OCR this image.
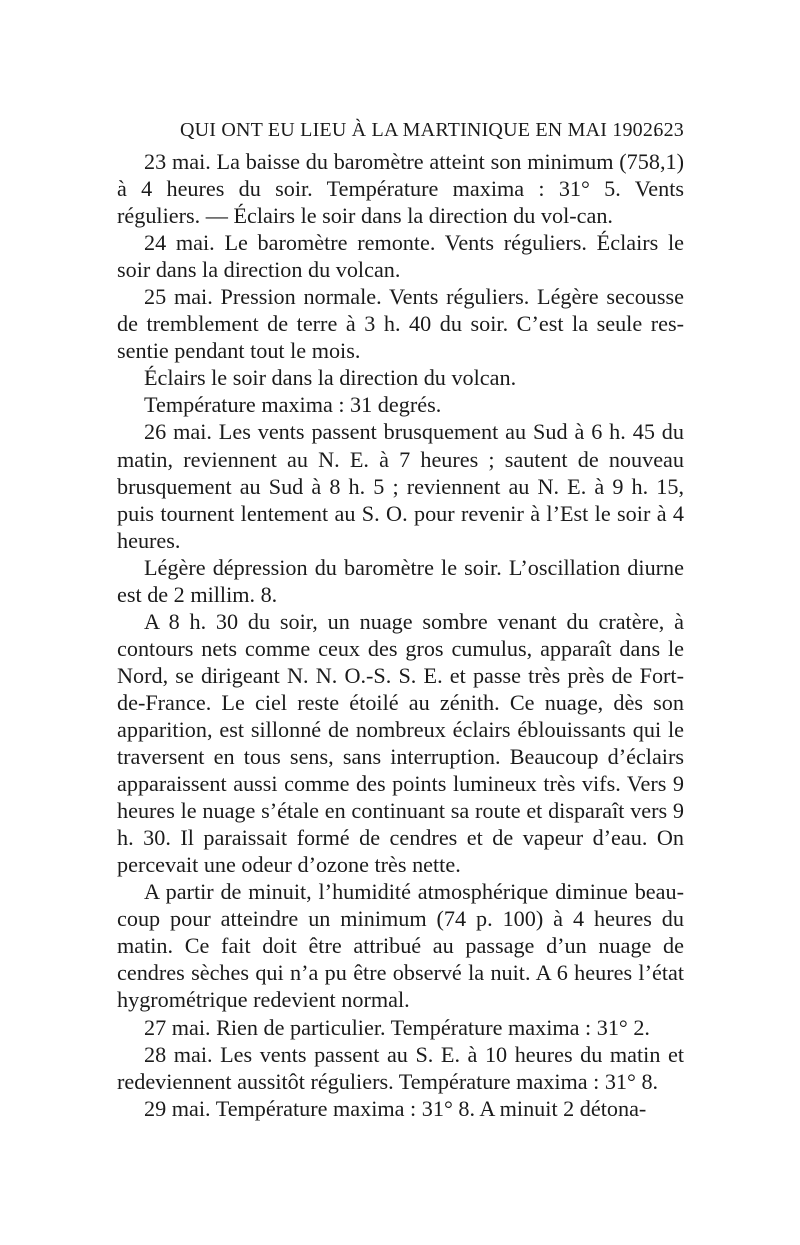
QUI ONT EU LIEU À LA MARTINIQUE EN MAI 1902.
623

23 mai. La baisse du baromètre atteint son minimum (758,1) à 4 heures du soir. Température maxima : 31° 5. Vents réguliers. — Éclairs le soir dans la direction du vol-can.

24 mai. Le baromètre remonte. Vents réguliers. Éclairs le soir dans la direction du volcan.

25 mai. Pression normale. Vents réguliers. Légère secousse de tremblement de terre à 3 h. 40 du soir. C’est la seule res-sentie pendant tout le mois.

Éclairs le soir dans la direction du volcan.

Température maxima : 31 degrés.

26 mai. Les vents passent brusquement au Sud à 6 h. 45 du matin, reviennent au N. E. à 7 heures ; sautent de nouveau brusquement au Sud à 8 h. 5 ; reviennent au N. E. à 9 h. 15, puis tournent lentement au S. O. pour revenir à l’Est le soir à 4 heures.

Légère dépression du baromètre le soir. L’oscillation diurne est de 2 millim. 8.

A 8 h. 30 du soir, un nuage sombre venant du cratère, à contours nets comme ceux des gros cumulus, apparaît dans le Nord, se dirigeant N. N. O.-S. S. E. et passe très près de Fort-de-France. Le ciel reste étoilé au zénith. Ce nuage, dès son apparition, est sillonné de nombreux éclairs éblouissants qui le traversent en tous sens, sans interruption. Beaucoup d’éclairs apparaissent aussi comme des points lumineux très vifs. Vers 9 heures le nuage s’étale en continuant sa route et disparaît vers 9 h. 30. Il paraissait formé de cendres et de vapeur d’eau. On percevait une odeur d’ozone très nette.

A partir de minuit, l’humidité atmosphérique diminue beau-coup pour atteindre un minimum (74 p. 100) à 4 heures du matin. Ce fait doit être attribué au passage d’un nuage de cendres sèches qui n’a pu être observé la nuit. A 6 heures l’état hygrométrique redevient normal.

27 mai. Rien de particulier. Température maxima : 31° 2.

28 mai. Les vents passent au S. E. à 10 heures du matin et redeviennent aussitôt réguliers. Température maxima : 31° 8.

29 mai. Température maxima : 31° 8. A minuit 2 détona-
